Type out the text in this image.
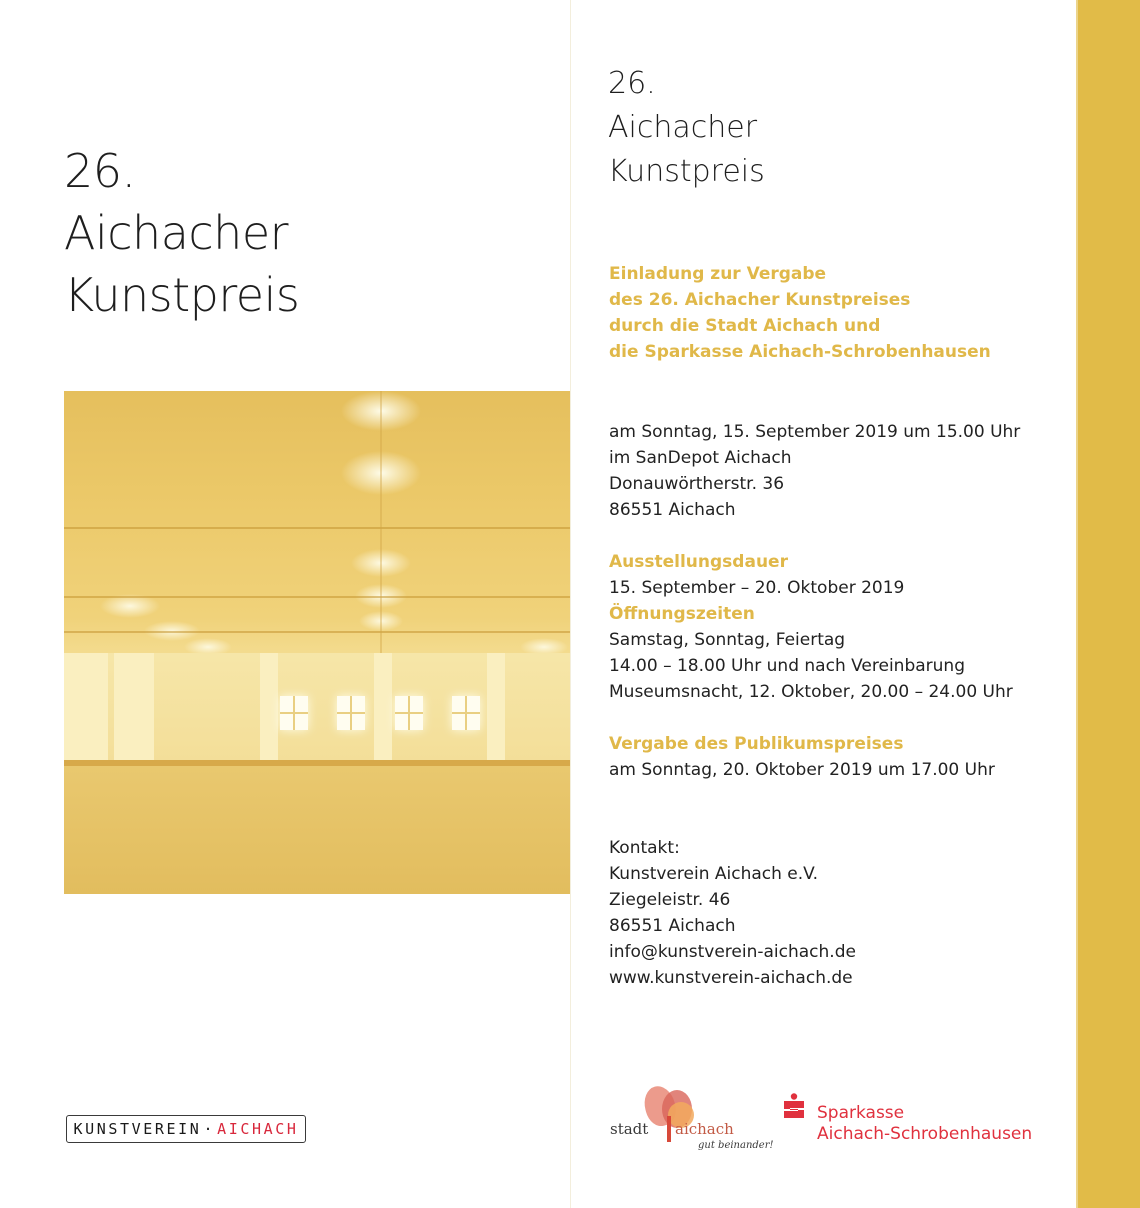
26.
Aichacher
Kunstpreis
KUNSTVEREIN · AICHACH
26.
Aichacher
Kunstpreis
Einladung zur Vergabe
des 26. Aichacher Kunstpreises
durch die Stadt Aichach und
die Sparkasse Aichach-Schrobenhausen
am Sonntag, 15. September 2019 um 15.00 Uhr
im SanDepot Aichach
Donauwörtherstr. 36
86551 Aichach
Ausstellungsdauer
15. September – 20. Oktober 2019
Öffnungszeiten
Samstag, Sonntag, Feiertag
14.00 – 18.00 Uhr und nach Vereinbarung
Museumsnacht, 12. Oktober, 20.00 – 24.00 Uhr
Vergabe des Publikumspreises
am Sonntag, 20. Oktober 2019 um 17.00 Uhr
Kontakt:
Kunstverein Aichach e.V.
Ziegeleistr. 46
86551 Aichach
info@kunstverein-aichach.de
www.kunstverein-aichach.de
stadt aichach
gut beinander!
Sparkasse
Aichach-Schrobenhausen
